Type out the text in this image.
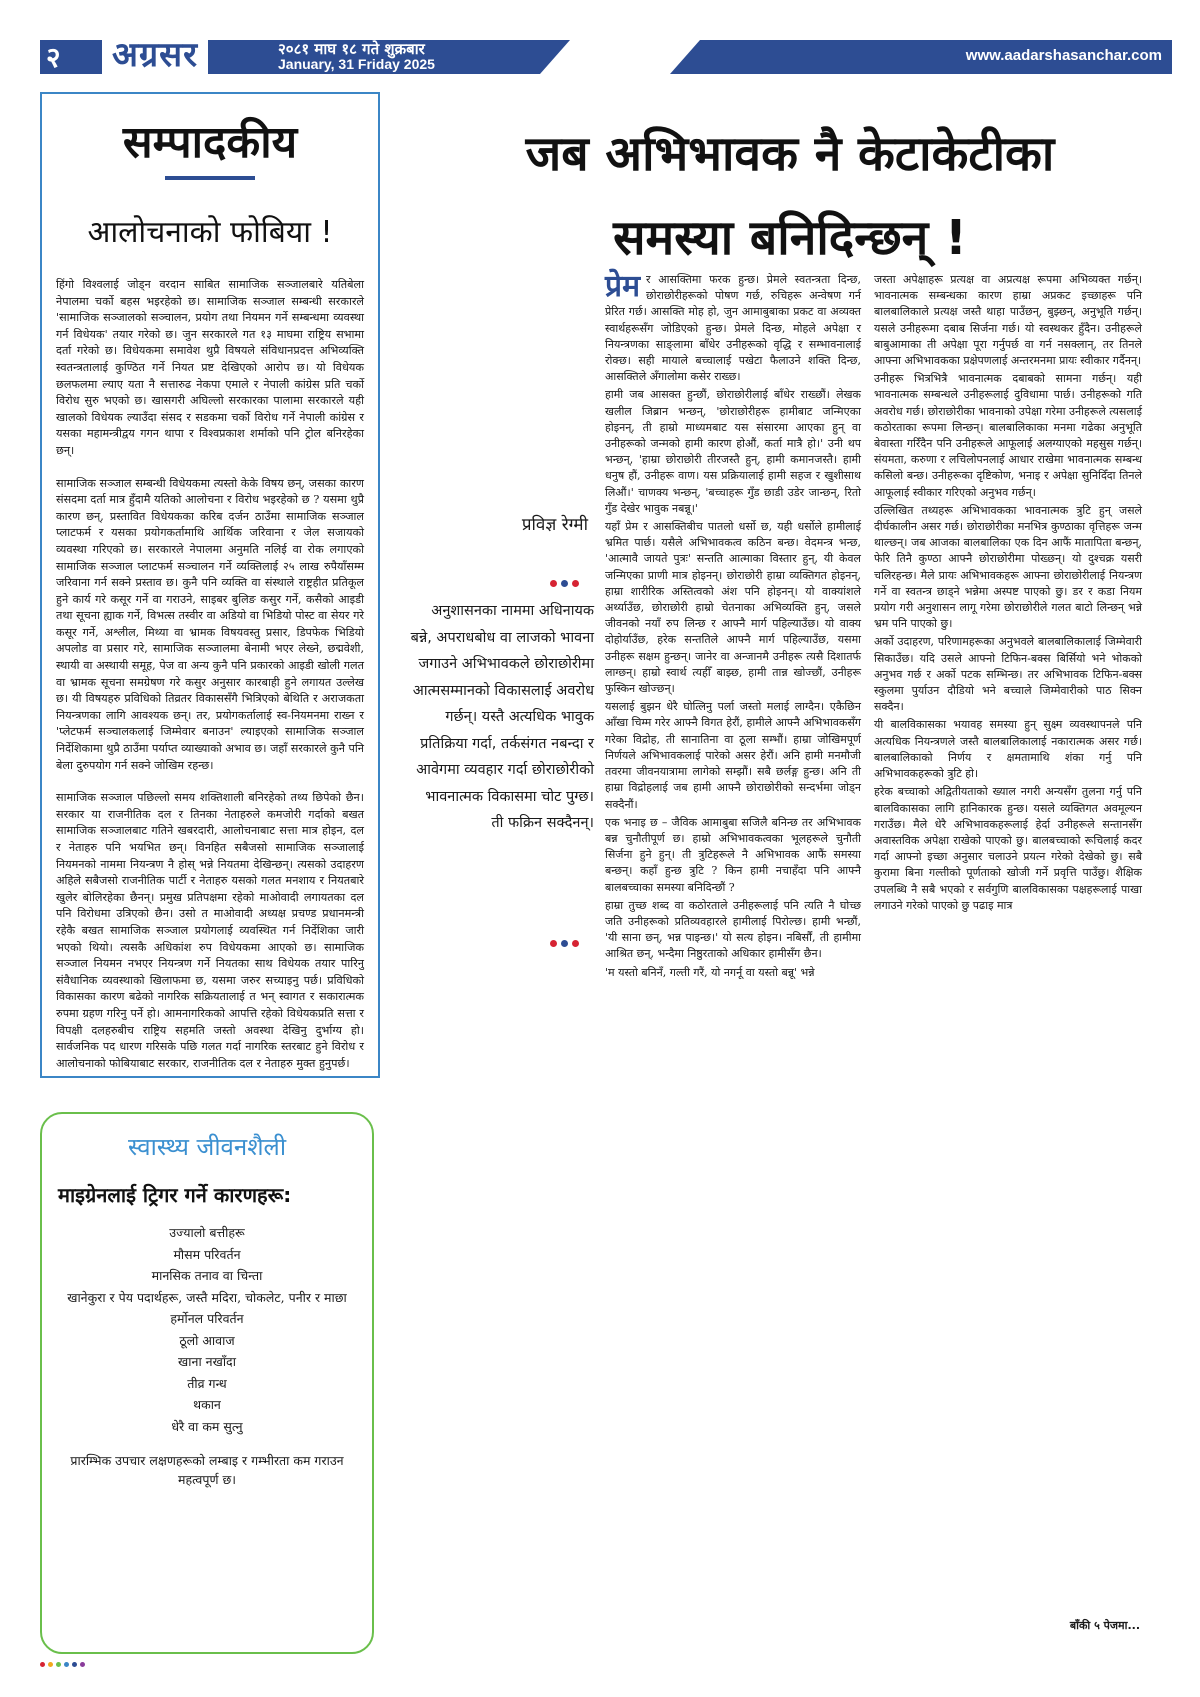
२ अग्रसर	२०८१ माघ १८ गते शुक्रबार
January, 31 Friday 2025	www.aadarshasanchar.com
सम्पादकीय
आलोचनाको फोबिया !

हिंगो विश्वलाई जोड्न वरदान साबित सामाजिक सञ्जालबारे यतिबेला नेपालमा चर्को बहस भइरहेको छ। सामाजिक सञ्जाल सम्बन्धी सरकारले 'सामाजिक सञ्जालको सञ्चालन, प्रयोग तथा नियमन गर्ने सम्बन्धमा व्यवस्था गर्न विधेयक' तयार गरेको छ। जुन सरकारले गत १३ माघमा राष्ट्रिय सभामा दर्ता गरेको छ। विधेयकमा समावेश थुप्रै विषयले संविधानप्रदत्त अभिव्यक्ति स्वतन्त्रतालाई कुण्ठित गर्ने नियत प्रष्ट देखिएको आरोप छ। यो विधेयक छलफलमा ल्याए यता नै सत्तारुढ नेकपा एमाले र नेपाली कांग्रेस प्रति चर्को विरोध सुरु भएको छ। खासगरी अघिल्लो सरकारका पालामा सरकारले यही खालको विधेयक ल्याउँदा संसद र सडकमा चर्को विरोध गर्ने नेपाली कांग्रेस र यसका महामन्त्रीद्वय गगन थापा र विश्वप्रकाश शर्माको पनि ट्रोल बनिरहेका छन्।

सामाजिक सञ्जाल सम्बन्धी विधेयकमा त्यस्तो केके विषय छन्, जसका कारण संसदमा दर्ता मात्र हुँदामै यतिको आलोचना र विरोध भइरहेको छ ? यसमा थुप्रै कारण छन्, प्रस्तावित विधेयकका करिब दर्जन ठाउँमा सामाजिक सञ्जाल प्लाटफर्म र यसका प्रयोगकर्तामाथि आर्थिक जरिवाना र जेल सजायको व्यवस्था गरिएको छ। सरकारले नेपालमा अनुमति नलिई वा रोक लगाएको सामाजिक सञ्जाल प्लाटफर्म सञ्चालन गर्ने व्यक्तिलाई २५ लाख रुपैयाँसम्म जरिवाना गर्न सक्ने प्रस्ताव छ। कुनै पनि व्यक्ति वा संस्थाले राष्ट्रहीत प्रतिकूल हुने कार्य गरे कसूर गर्ने वा गराउने, साइबर बुलिङ कसुर गर्ने, कसैको आइडी तथा सूचना ह्याक गर्ने, विभत्स तस्वीर वा अडियो वा भिडियो पोस्ट वा सेयर गरे कसूर गर्ने, अश्लील, मिथ्या वा भ्रामक विषयवस्तु प्रसार, डिपफेक भिडियो अपलोड वा प्रसार गरे, सामाजिक सञ्जालमा बेनामी भएर लेख्ने, छद्मवेशी, स्थायी वा अस्थायी समूह, पेज वा अन्य कुनै पनि प्रकारको आइडी खोली गलत वा भ्रामक सूचना समग्रेषण गरे कसुर अनुसार कारबाही हुने लगायत उल्लेख छ। यी विषयहरु प्रविधिको तिव्रतर विकाससँगै भित्रिएको बेथिति र अराजकता नियन्त्रणका लागि आवश्यक छन्। तर, प्रयोगकर्तालाई स्व-नियमनमा राख्न र 'प्लेटफर्म सञ्चालकलाई जिम्मेवार बनाउन' ल्याइएको सामाजिक सञ्जाल निर्देशिकामा थुप्रै ठाउँमा पर्याप्त व्याख्याको अभाव छ। जहाँ सरकारले कुनै पनि बेला दुरुपयोग गर्न सक्ने जोखिम रहन्छ।

सामाजिक सञ्जाल पछिल्लो समय शक्तिशाली बनिरहेको तथ्य छिपेको छैन। सरकार या राजनीतिक दल र तिनका नेताहरुले कमजोरी गर्दाको बखत सामाजिक सञ्जालबाट गतिने खबरदारी, आलोचनाबाट सत्ता मात्र होइन, दल र नेताहरु पनि भयभित छन्। विनहित सबैजसो सामाजिक सञ्जालाई नियमनको नाममा नियन्त्रण नै होस् भन्ने नियतमा देखिन्छन्। त्यसको उदाहरण अहिले सबैजसो राजनीतिक पार्टी र नेताहरु यसको गलत मनशाय र नियतबारे खुलेर बोलिरहेका छैनन्। प्रमुख प्रतिपक्षमा रहेको माओवादी लगायतका दल पनि विरोधमा उत्रिएको छैन। उसो त माओवादी अध्यक्ष प्रचण्ड प्रधानमन्त्री रहेकै बखत सामाजिक सञ्जाल प्रयोगलाई व्यवस्थित गर्न निर्देशिका जारी भएको थियो। त्यसकै अधिकांश रुप विधेयकमा आएको छ। सामाजिक सञ्जाल नियमन नभएर नियन्त्रण गर्ने नियतका साथ विधेयक तयार पारिनु संवैधानिक व्यवस्थाको खिलाफमा छ, यसमा जरुर सच्याइनु पर्छ। प्रविधिको विकासका कारण बढेको नागरिक सक्रियतालाई त भन् स्वागत र सकारात्मक रुपमा ग्रहण गरिनु पर्ने हो। आमनागरिकको आपत्ति रहेको विधेयकप्रति सत्ता र विपक्षी दलहरुबीच राष्ट्रिय सहमति जस्तो अवस्था देखिनु दुर्भाग्य हो। सार्वजनिक पद धारण गरिसके पछि गलत गर्दा नागरिक स्तरबाट हुने विरोध र आलोचनाको फोबियाबाट सरकार, राजनीतिक दल र नेताहरु मुक्त हुनुपर्छ।

स्वास्थ्य जीवनशैली
माइग्रेनलाई ट्रिगर गर्ने कारणहरू:
उज्यालो बत्तीहरू
मौसम परिवर्तन
मानसिक तनाव वा चिन्ता
खानेकुरा र पेय पदार्थहरू, जस्तै मदिरा, चोकलेट, पनीर र माछा
हर्मोनल परिवर्तन
ठूलो आवाज
खाना नखाँदा
तीव्र गन्ध
थकान
धेरै वा कम सुत्नु
प्रारम्भिक उपचार लक्षणहरूको लम्बाइ र गम्भीरता कम गराउन महत्वपूर्ण छ।
जब अभिभावक नै केटाकेटीका
समस्या बनिदिन्छन् !
प्रविज्ञ रेग्मी
अनुशासनका नाममा अधिनायक बन्ने, अपराधबोध वा लाजको भावना जगाउने अभिभावकले छोराछोरीमा आत्मसम्मानको विकासलाई अवरोध गर्छन्। यस्तै अत्यधिक भावुक प्रतिक्रिया गर्दा, तर्कसंगत नबन्दा र आवेगमा व्यवहार गर्दा छोराछोरीको भावनात्मक विकासमा चोट पुग्छ। ती फक्रिन सक्दैनन्।
प्रेम र आसक्तिमा फरक हुन्छ। प्रेमले स्वतन्त्रता दिन्छ, छोराछोरीहरूको पोषण गर्छ, रुचिहरू अन्वेषण गर्न प्रेरित गर्छ। आसक्ति मोह हो, जुन आमाबुबाका प्रकट वा अव्यक्त स्वार्थहरूसँग जोडिएको हुन्छ। प्रेमले दिन्छ, मोहले अपेक्षा र नियन्त्रणका साङ्लामा बाँधेर उनीहरूको वृद्धि र सम्भावनालाई रोक्छ। सही मायाले बच्चालाई पखेटा फैलाउने शक्ति दिन्छ, आसक्तिले अँगालोमा कसेर राख्छ।

हामी जब आसक्त हुन्छौं, छोराछोरीलाई बाँधेर राख्छौं। लेखक खलील जिब्रान भन्छन्, 'छोराछोरीहरू हामीबाट जन्मिएका होइनन्, ती हाम्रो माध्यमबाट यस संसारमा आएका हुन् वा उनीहरूको जन्मको हामी कारण होऔं, कर्ता मात्रै हो।' उनी थप भन्छन्, 'हाम्रा छोराछोरी तीरजस्तै हुन्, हामी कमानजस्तै। हामी धनुष हौं, उनीहरू वाण। यस प्रक्रियालाई हामी सहज र खुशीसाथ लिऔं।' चाणक्य भन्छन्, 'बच्चाहरू गुँड छाडी उडेर जान्छन्, रितो गुँड देखेर भावुक नबन्नू।'

यहाँ प्रेम र आसक्तिबीच पातलो धर्सो छ, यही धर्सोले हामीलाई भ्रमित पार्छ। यसैले अभिभावकत्व कठिन बन्छ। वेदमन्त्र भन्छ, 'आत्मावै जायते पुत्रः' सन्तति आत्माका विस्तार हुन्, यी केवल जन्मिएका प्राणी मात्र होइनन्। छोराछोरी हाम्रा व्यक्तिगत होइनन्, हाम्रा शारीरिक अस्तित्वको अंश पनि होइनन्। यो वाक्यांशले अर्थ्याउँछ, छोराछोरी हाम्रो चेतनाका अभिव्यक्ति हुन्, जसले जीवनको नयाँ रुप लिन्छ र आफ्नै मार्ग पहिल्याउँछ। यो वाक्य दोहोर्याउँछ, हरेक सन्ततिले आफ्नै मार्ग पहिल्याउँछ, यसमा उनीहरू सक्षम हुन्छन्। जानेर वा अन्जानमै उनीहरू त्यसै दिशातर्फ लाग्छन्। हाम्रो स्वार्थ त्यहीँ बाझ्छ, हामी तान्न खोज्छौं, उनीहरू फुस्किन खोज्छन्।

यसलाई बुझन धेरै घोत्लिनु पर्ला जस्तो मलाई लाग्दैन। एकैछिन आँखा चिम्म गरेर आफ्नै विगत हेरौं, हामीले आफ्नै अभिभावकसँग गरेका विद्रोह, ती सानातिना वा ठूला सम्भौं। हाम्रा जोखिमपूर्ण निर्णयले अभिभावकलाई पारेको असर हेरौं। अनि हामी मनमौजी तवरमा जीवनयात्रामा लागेको सम्झौं। सबै छर्लङ्ग हुन्छ। अनि ती हाम्रा विद्रोहलाई जब हामी आफ्नै छोराछोरीको सन्दर्भमा जोड्न सक्दैनौं।

एक भनाइ छ – जैविक आमाबुबा सजिलै बनिन्छ तर अभिभावक बन्न चुनौतीपूर्ण छ। हाम्रो अभिभावकत्वका भूलहरूले चुनौती सिर्जना हुने हुन्। ती त्रुटिहरूले नै अभिभावक आफैं समस्या बन्छन्। कहाँ हुन्छ त्रुटि ? किन हामी नचाहँदा पनि आफ्नै बालबच्चाका समस्या बनिदिन्छौं ?

हाम्रा तुच्छ शब्द वा कठोरताले उनीहरूलाई पनि त्यति नै घोच्छ जति उनीहरूको प्रतिव्यवहारले हामीलाई पिरोल्छ। हामी भन्छौं, 'यी साना छन्, भन्न पाइन्छ।' यो सत्य होइन। नबिर्सौं, ती हामीमा आश्रित छन्, भन्दैमा निष्ठुरताको अधिकार हामीसँग छैन।

'म यस्तो बनिनँ, गल्ती गरैं, यो नगर्नू वा यस्तो बन्नू' भन्ने

जस्ता अपेक्षाहरू प्रत्यक्ष वा अप्रत्यक्ष रूपमा अभिव्यक्त गर्छन्। भावनात्मक सम्बन्धका कारण हाम्रा अप्रकट इच्छाहरू पनि बालबालिकाले प्रत्यक्ष जस्तै थाहा पाउँछन्, बुझ्छन्, अनुभूति गर्छन्। यसले उनीहरूमा दबाब सिर्जना गर्छ। यो स्वस्थकर हुँदैन। उनीहरूले बाबुआमाका ती अपेक्षा पूरा गर्नुपर्छ वा गर्न नसक्लान्, तर तिनले आफ्ना अभिभावकका प्रक्षेपणलाई अन्तरमनमा प्रायः स्वीकार गर्दैनन्।

उनीहरू भित्रभित्रै भावनात्मक दबाबको सामना गर्छन्। यही भावनात्मक सम्बन्धले उनीहरूलाई दुविधामा पार्छ। उनीहरूको गति अवरोध गर्छ। छोराछोरीका भावनाको उपेक्षा गरेमा उनीहरूले त्यसलाई कठोरताका रूपमा लिन्छन्। बालबालिकाका मनमा गढेका अनुभूति बेवास्ता गरिँदैन पनि उनीहरूले आफूलाई अलग्याएको महसुस गर्छन्। संयमता, करुणा र लचिलोपनलाई आधार राखेमा भावनात्मक सम्बन्ध कसिलो बन्छ। उनीहरूका दृष्टिकोण, भनाइ र अपेक्षा सुनिदिँदा तिनले आफूलाई स्वीकार गरिएको अनुभव गर्छन्।

उल्लिखित तथ्यहरू अभिभावकका भावनात्मक त्रुटि हुन् जसले दीर्घकालीन असर गर्छ। छोराछोरीका मनभित्र कुण्ठाका वृत्तिहरू जन्म थाल्छन्। जब आजका बालबालिका एक दिन आफैं मातापिता बन्छन्, फेरि तिनै कुण्ठा आफ्नै छोराछोरीमा पोख्छन्। यो दुश्चक्र यसरी चलिरहन्छ। मैले प्रायः अभिभावकहरू आफ्ना छोराछोरीलाई नियन्त्रण गर्ने वा स्वतन्त्र छाड्ने भन्नेमा अस्पष्ट पाएको छु। डर र कडा नियम प्रयोग गरी अनुशासन लागू गरेमा छोराछोरीले गलत बाटो लिन्छन् भन्ने भ्रम पनि पाएको छु।

अर्को उदाहरण, परिणामहरूका अनुभवले बालबालिकालाई जिम्मेवारी सिकाउँछ। यदि उसले आफ्नो टिफिन-बक्स बिर्सियो भने भोकको अनुभव गर्छ र अर्को पटक सम्भिन्छ। तर अभिभावक टिफिन-बक्स स्कुलमा पुर्याउन दौडियो भने बच्चाले जिम्मेवारीको पाठ सिक्न सक्दैन।

यी बालविकासका भयावह समस्या हुन् सुक्ष्म व्यवस्थापनले पनि अत्यधिक नियन्त्रणले जस्तै बालबालिकालाई नकारात्मक असर गर्छ। बालबालिकाको निर्णय र क्षमतामाथि शंका गर्नु पनि अभिभावकहरूको त्रुटि हो।

हरेक बच्चाको अद्वितीयताको ख्याल नगरी अन्यसँग तुलना गर्नु पनि बालविकासका लागि हानिकारक हुन्छ। यसले व्यक्तिगत अवमूल्यन गराउँछ। मैले धेरै अभिभावकहरूलाई हेर्दा उनीहरूले सन्तानसँग अवास्तविक अपेक्षा राखेको पाएको छु। बालबच्चाको रूचिलाई कदर गर्दा आफ्नो इच्छा अनुसार चलाउने प्रयत्न गरेको देखेको छु। सबै कुरामा बिना गल्तीको पूर्णताको खोजी गर्ने प्रवृत्ति पाउँछु। शैक्षिक उपलब्धि नै सबै भएको र सर्वगुणि बालविकासका पक्षहरूलाई पाखा लगाउने गरेको पाएको छु पढाइ मात्र

बाँकी ५ पेजमा...
